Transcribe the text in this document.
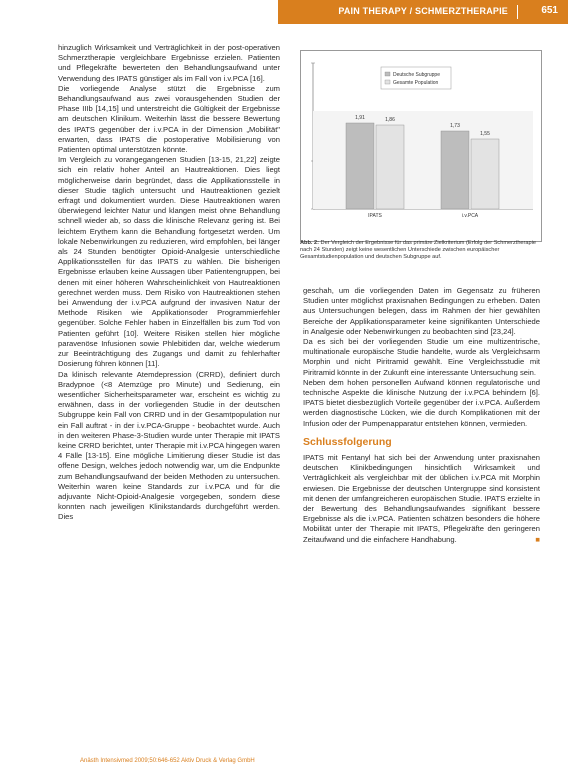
PAIN THERAPY / SCHMERZTHERAPIE	651

hinzuglich Wirksamkeit und Verträglichkeit in der post-operativen Schmerztherapie vergleichbare Ergebnisse erzielen. Patienten und Pflegekräfte bewerteten den Behandlungsaufwand unter Verwendung des IPATS günstiger als im Fall von i.v.PCA [16].

Die vorliegende Analyse stützt die Ergebnisse zum Behandlungsaufwand aus zwei vorausgehenden Studien der Phase IIIb [14,15] und unterstreicht die Gültigkeit der Ergebnisse am deutschen Klinikum. Weiterhin lässt die bessere Bewertung des IPATS gegenüber der i.v.PCA in der Dimension „Mobilität" erwarten, dass IPATS die postoperative Mobilisierung von Patienten optimal unterstützen könnte.

Im Vergleich zu vorangegangenen Studien [13-15, 21,22] zeigte sich ein relativ hoher Anteil an Hautreaktionen. Dies liegt möglicherweise darin begründet, dass die Applikationsstelle in dieser Studie täglich untersucht und Hautreaktionen gezielt erfragt und dokumentiert wurden. Diese Hautreaktionen waren überwiegend leichter Natur und klangen meist ohne Behandlung schnell wieder ab, so dass die klinische Relevanz gering ist. Bei leichtem Erythem kann die Behandlung fortgesetzt werden. Um lokale Nebenwirkungen zu reduzieren, wird empfohlen, bei länger als 24 Stunden benötigter Opioid-Analgesie unterschiedliche Applikationsstellen für das IPATS zu wählen. Die bisherigen Ergebnisse erlauben keine Aussagen über Patientengruppen, bei denen mit einer höheren Wahrscheinlichkeit von Hautreaktionen gerechnet werden muss. Dem Risiko von Hautreaktionen stehen bei Anwendung der i.v.PCA aufgrund der invasiven Natur der Methode Risiken wie Applikationsoder Programmierfehler gegenüber. Solche Fehler haben in Einzelfällen bis zum Tod von Patienten geführt [10]. Weitere Risiken stellen hier mögliche paravenöse Infusionen sowie Phlebitiden dar, welche wiederum zur Beeinträchtigung des Zugangs und damit zu fehlerhafter Dosierung führen können [11].

Da klinisch relevante Atemdepression (CRRD), definiert durch Bradypnoe (<8 Atemzüge pro Minute) und Sedierung, ein wesentlicher Sicherheitsparameter war, erscheint es wichtig zu erwähnen, dass in der vorliegenden Studie in der deutschen Subgruppe kein Fall von CRRD und in der Gesamtpopulation nur ein Fall auftrat - in der i.v.PCA-Gruppe - beobachtet wurde. Auch in den weiteren Phase-3-Studien wurde unter Therapie mit IPATS keine CRRD berichtet, unter Therapie mit i.v.PCA hingegen waren 4 Fälle [13-15]. Eine mögliche Limitierung dieser Studie ist das offene Design, welches jedoch notwendig war, um die Endpunkte zum Behandlungsaufwand der beiden Methoden zu untersuchen. Weiterhin waren keine Standards zur i.v.PCA und für die adjuvante Nicht-Opioid-Analgesie vorgegeben, sondern diese konnten nach jeweiligen Klinikstandards durchgeführt werden. Dies

Deutsche Subgruppe
Gesamte Population
1,91	1,86
1,73
1,55
IPATS	i.v.PCA
Abb. 2: Der Vergleich der Ergebnisse für das primäre Zielkriterium (Erfolg der Schmerztherapie nach 24 Stunden) zeigt keine wesentlichen Unterschiede zwischen europäischer Gesamtstudienpopulation und deutschen Subgruppe auf.

geschah, um die vorliegenden Daten im Gegensatz zu früheren Studien unter möglichst praxisnahen Bedingungen zu erheben. Daten aus Untersuchungen belegen, dass im Rahmen der hier gewählten Bereiche der Applikationsparameter keine signifikanten Unterschiede in Analgesie oder Nebenwirkungen zu beobachten sind [23,24].

Da es sich bei der vorliegenden Studie um eine multizentrische, multinationale europäische Studie handelte, wurde als Vergleichsarm Morphin und nicht Piritramid gewählt. Eine Vergleichsstudie mit Piritramid könnte in der Zukunft eine interessante Untersuchung sein.

Neben dem hohen personellen Aufwand können regulatorische und technische Aspekte die klinische Nutzung der i.v.PCA behindern [6]. IPATS bietet diesbezüglich Vorteile gegenüber der i.v.PCA. Außerdem werden diagnostische Lücken, wie die durch Komplikationen mit der Infusion oder der Pumpenapparatur entstehen können, vermieden.

Schlussfolgerung

IPATS mit Fentanyl hat sich bei der Anwendung unter praxisnahen deutschen Klinikbedingungen hinsichtlich Wirksamkeit und Verträglichkeit als vergleichbar mit der üblichen i.v.PCA mit Morphin erwiesen. Die Ergebnisse der deutschen Untergruppe sind konsistent mit denen der umfangreicheren europäischen Studie. IPATS erzielte in der Bewertung des Behandlungsaufwandes signifikant bessere Ergebnisse als die i.v.PCA. Patienten schätzen besonders die höhere Mobilität unter der Therapie mit IPATS, Pflegekräfte den geringeren Zeitaufwand und die einfachere Handhabung.	■

Anästh Intensivmed 2009;50:646-652 Aktiv Druck & Verlag GmbH
